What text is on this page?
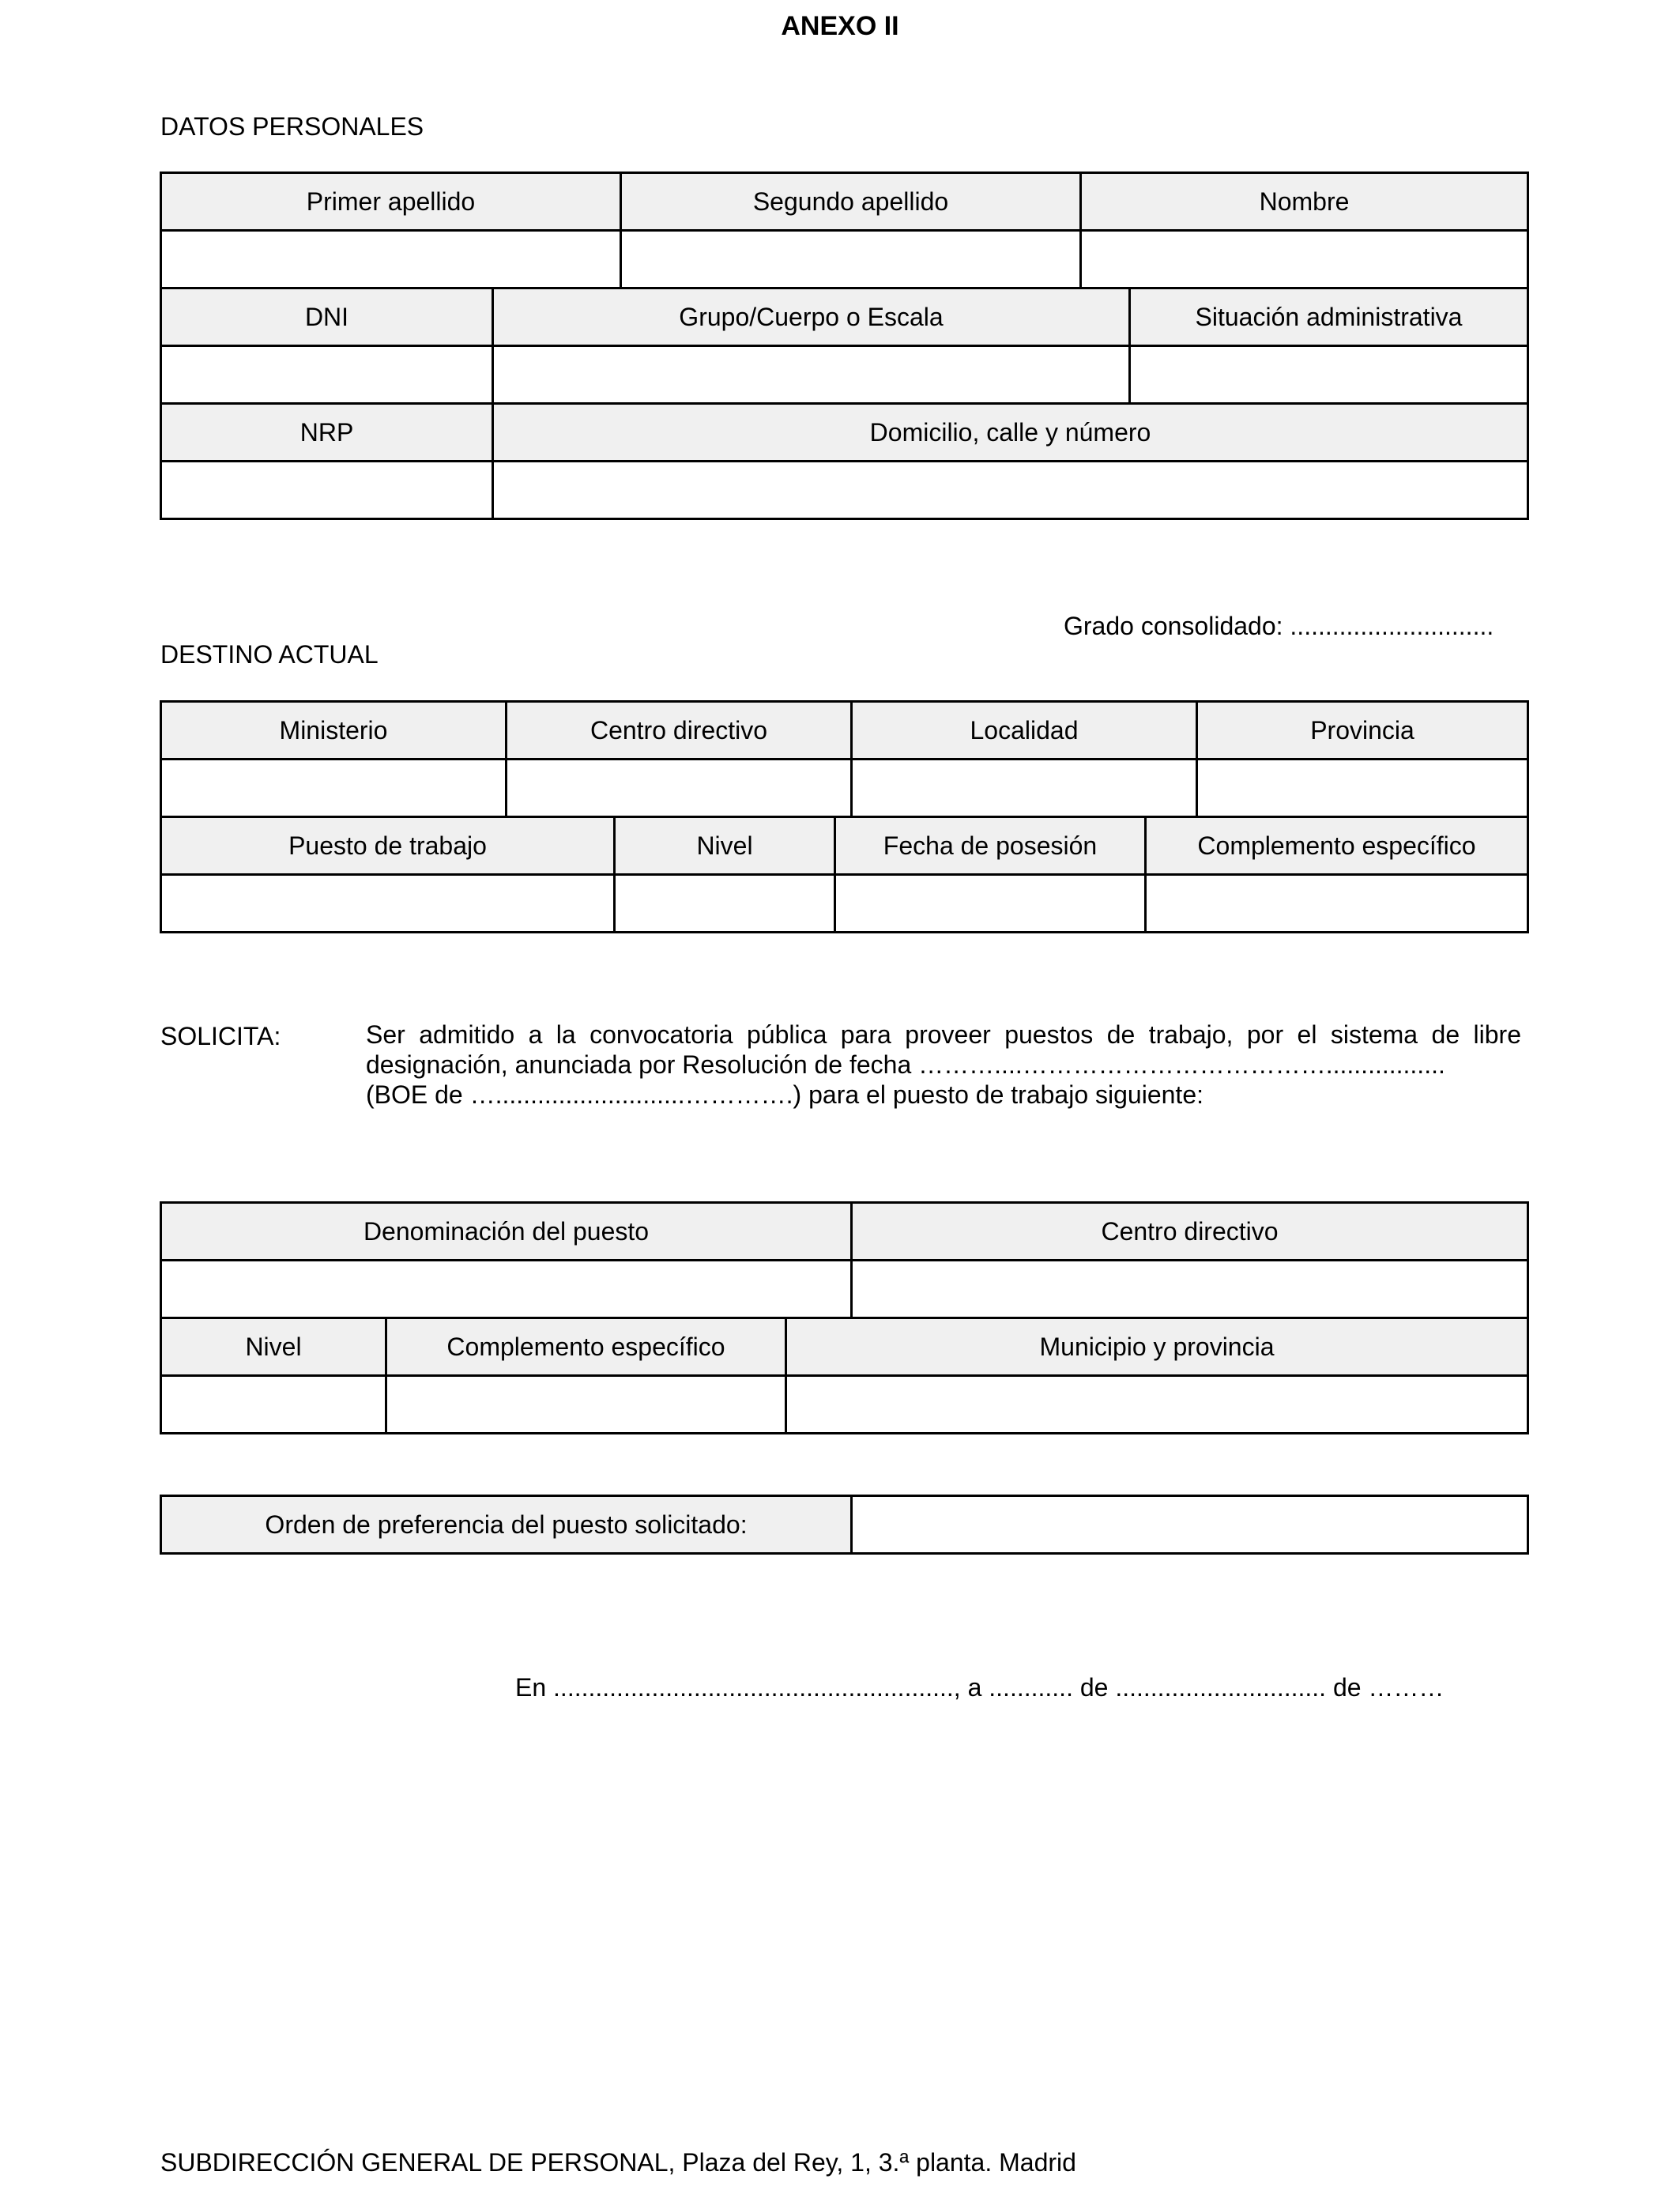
ANEXO II
DATOS PERSONALES
Primer apellido	Segundo apellido	Nombre

DNI	Grupo/Cuerpo o Escala	Situación administrativa

NRP	Domicilio, calle y número

Grado consolidado: .............................
DESTINO ACTUAL
Ministerio	Centro directivo	Localidad	Provincia

Puesto de trabajo	Nivel	Fecha de posesión	Complemento específico

SOLICITA:	Ser admitido a la convocatoria pública para proveer puestos de trabajo, por el sistema de libre
designación, anunciada por Resolución de fecha ………....……………………………….................
(BOE de …...........................………….) para el puesto de trabajo siguiente:
Denominación del puesto	Centro directivo

Nivel	Complemento específico	Municipio y provincia

Orden de preferencia del puesto solicitado:	
En ........................................................., a ............ de .............................. de ………
SUBDIRECCIÓN GENERAL DE PERSONAL, Plaza del Rey, 1, 3.ª planta. Madrid
